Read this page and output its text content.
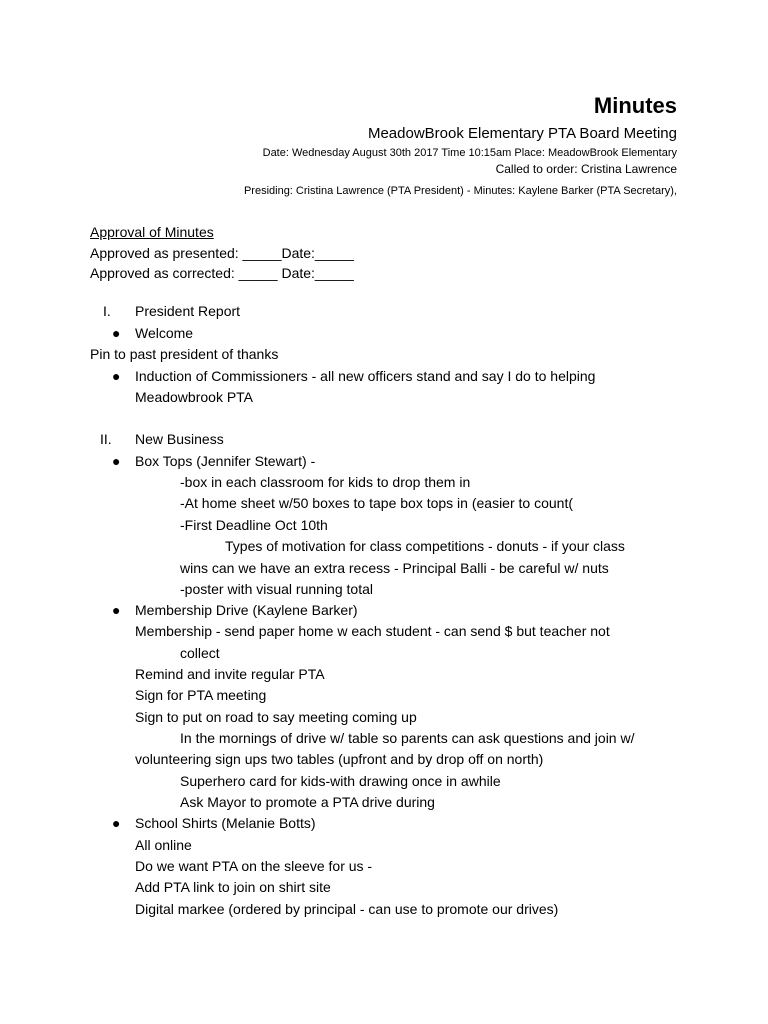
Minutes
MeadowBrook Elementary PTA Board Meeting
Date: Wednesday August 30th 2017 Time 10:15am Place: MeadowBrook Elementary
Called to order: Cristina Lawrence
Presiding: Cristina Lawrence (PTA President) - Minutes: Kaylene Barker (PTA Secretary),
Approval of Minutes
Approved as presented: _____Date:_____
Approved as corrected: _____ Date:_____
I. President Report
● Welcome
Pin to past president of thanks
● Induction of Commissioners - all new officers stand and say I do to helping
Meadowbrook PTA
II. New Business
● Box Tops (Jennifer Stewart) -
-box in each classroom for kids to drop them in
-At home sheet w/50 boxes to tape box tops in (easier to count(
-First Deadline Oct 10th
Types of motivation for class competitions - donuts - if your class
wins can we have an extra recess - Principal Balli - be careful w/ nuts
-poster with visual running total
● Membership Drive (Kaylene Barker)
Membership - send paper home w each student - can send $ but teacher not
collect
Remind and invite regular PTA
Sign for PTA meeting
Sign to put on road to say meeting coming up
In the mornings of drive w/ table so parents can ask questions and join w/
volunteering sign ups two tables (upfront and by drop off on north)
Superhero card for kids-with drawing once in awhile
Ask Mayor to promote a PTA drive during
● School Shirts (Melanie Botts)
All online
Do we want PTA on the sleeve for us -
Add PTA link to join on shirt site
Digital markee (ordered by principal - can use to promote our drives)
